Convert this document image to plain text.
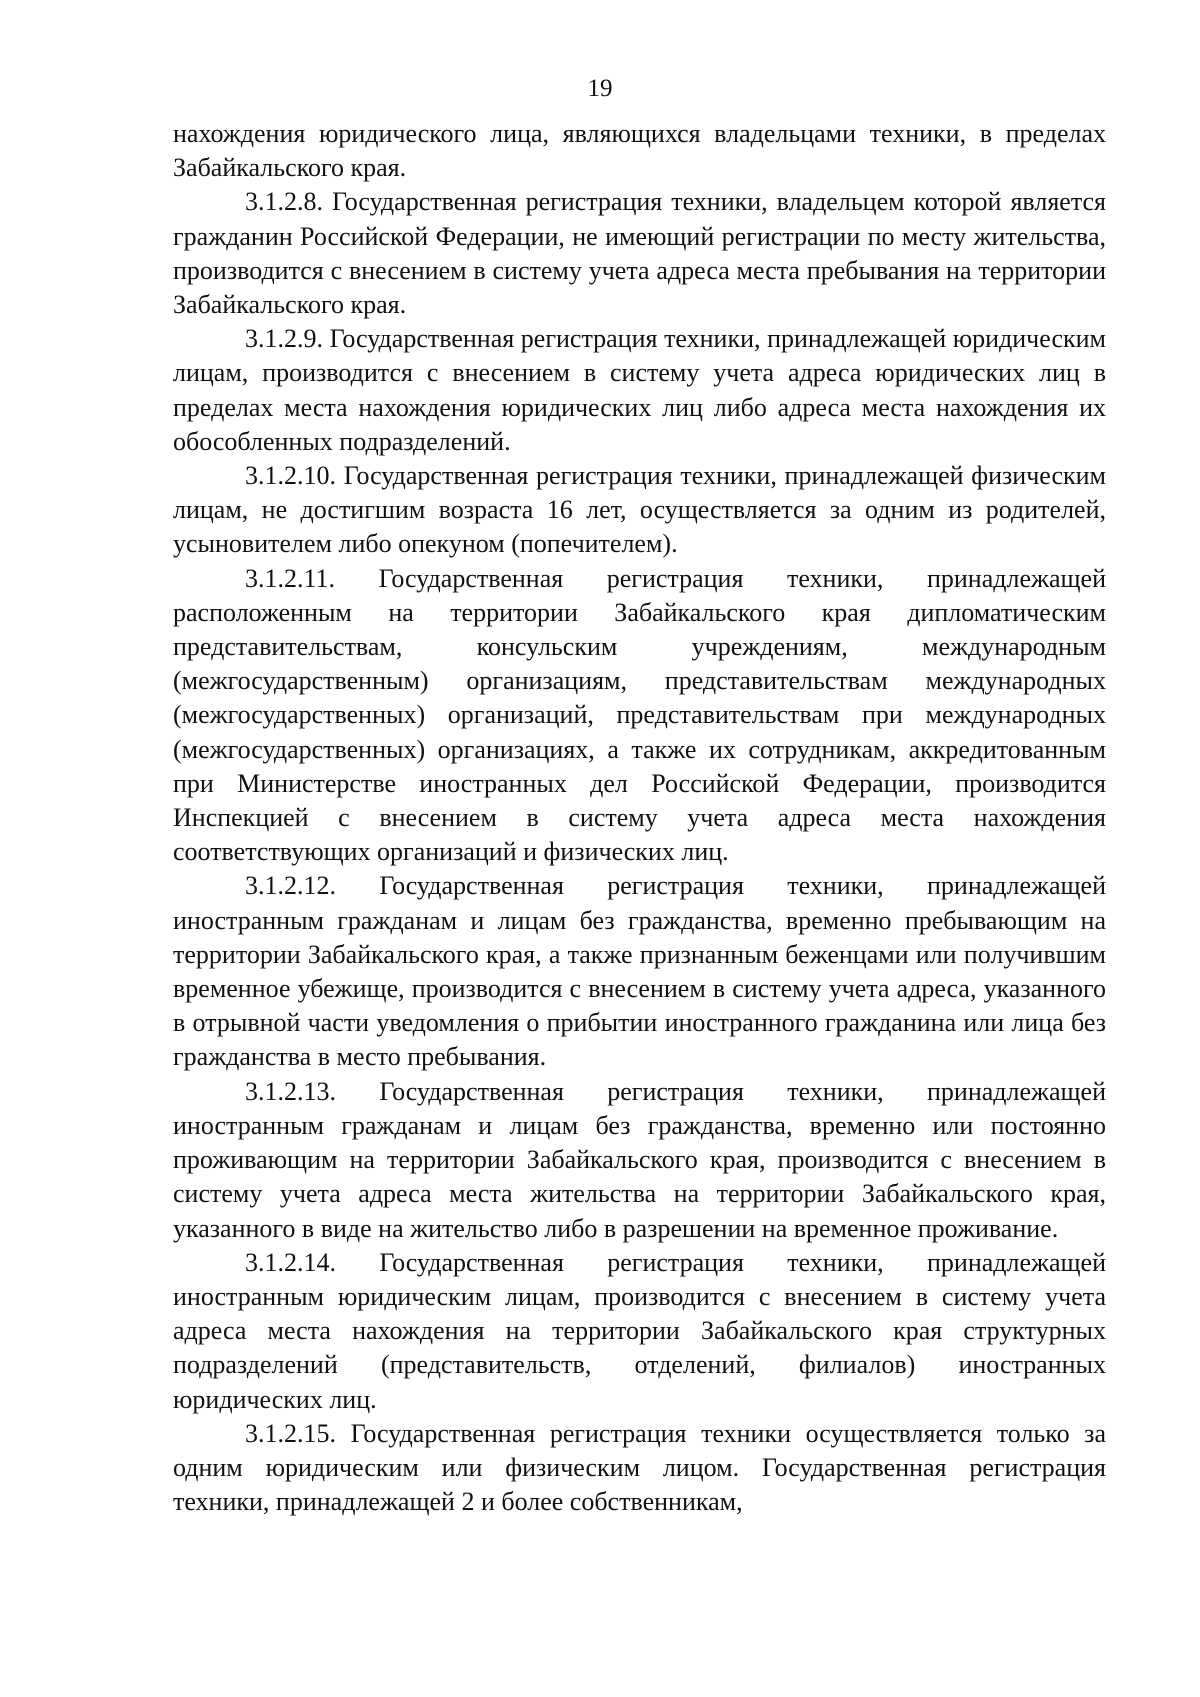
19

нахождения юридического лица, являющихся владельцами техники, в пределах Забайкальского края.

3.1.2.8. Государственная регистрация техники, владельцем которой является гражданин Российской Федерации, не имеющий регистрации по месту жительства, производится с внесением в систему учета адреса места пребывания на территории Забайкальского края.

3.1.2.9. Государственная регистрация техники, принадлежащей юридическим лицам, производится с внесением в систему учета адреса юридических лиц в пределах места нахождения юридических лиц либо адреса места нахождения их обособленных подразделений.

3.1.2.10. Государственная регистрация техники, принадлежащей физическим лицам, не достигшим возраста 16 лет, осуществляется за одним из родителей, усыновителем либо опекуном (попечителем).

3.1.2.11. Государственная регистрация техники, принадлежащей расположенным на территории Забайкальского края дипломатическим представительствам, консульским учреждениям, международным (межгосударственным) организациям, представительствам международных (межгосударственных) организаций, представительствам при международных (межгосударственных) организациях, а также их сотрудникам, аккредитованным при Министерстве иностранных дел Российской Федерации, производится Инспекцией с внесением в систему учета адреса места нахождения соответствующих организаций и физических лиц.

3.1.2.12. Государственная регистрация техники, принадлежащей иностранным гражданам и лицам без гражданства, временно пребывающим на территории Забайкальского края, а также признанным беженцами или получившим временное убежище, производится с внесением в систему учета адреса, указанного в отрывной части уведомления о прибытии иностранного гражданина или лица без гражданства в место пребывания.

3.1.2.13. Государственная регистрация техники, принадлежащей иностранным гражданам и лицам без гражданства, временно или постоянно проживающим на территории Забайкальского края, производится с внесением в систему учета адреса места жительства на территории Забайкальского края, указанного в виде на жительство либо в разрешении на временное проживание.

3.1.2.14. Государственная регистрация техники, принадлежащей иностранным юридическим лицам, производится с внесением в систему учета адреса места нахождения на территории Забайкальского края структурных подразделений (представительств, отделений, филиалов) иностранных юридических лиц.

3.1.2.15. Государственная регистрация техники осуществляется только за одним юридическим или физическим лицом. Государственная регистрация техники, принадлежащей 2 и более собственникам,
